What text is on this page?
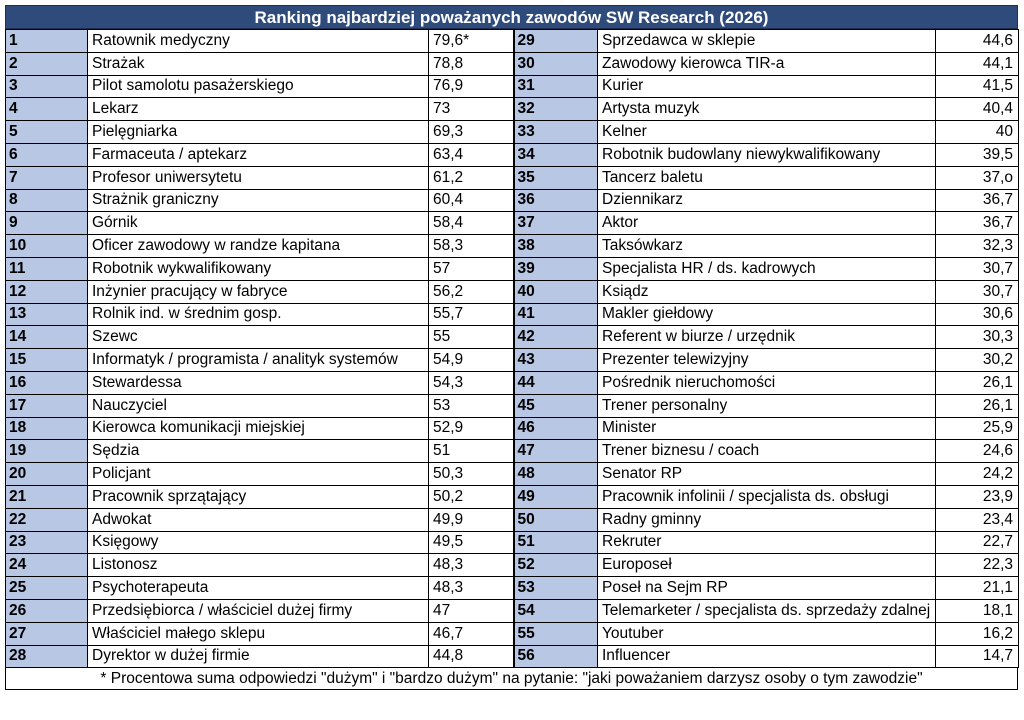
Ranking najbardziej poważanych zawodów SW Research (2026)
1	Ratownik medyczny	79,6*	29	Sprzedawca w sklepie	44,6
2	Strażak	78,8	30	Zawodowy kierowca TIR-a	44,1
3	Pilot samolotu pasażerskiego	76,9	31	Kurier	41,5
4	Lekarz	73	32	Artysta muzyk	40,4
5	Pielęgniarka	69,3	33	Kelner	40
6	Farmaceuta / aptekarz	63,4	34	Robotnik budowlany niewykwalifikowany	39,5
7	Profesor uniwersytetu	61,2	35	Tancerz baletu	37,o
8	Strażnik graniczny	60,4	36	Dziennikarz	36,7
9	Górnik	58,4	37	Aktor	36,7
10	Oficer zawodowy w randze kapitana	58,3	38	Taksówkarz	32,3
11	Robotnik wykwalifikowany	57	39	Specjalista HR / ds. kadrowych	30,7
12	Inżynier pracujący w fabryce	56,2	40	Ksiądz	30,7
13	Rolnik ind. w średnim gosp.	55,7	41	Makler giełdowy	30,6
14	Szewc	55	42	Referent w biurze / urzędnik	30,3
15	Informatyk / programista / analityk systemów	54,9	43	Prezenter telewizyjny	30,2
16	Stewardessa	54,3	44	Pośrednik nieruchomości	26,1
17	Nauczyciel	53	45	Trener personalny	26,1
18	Kierowca komunikacji miejskiej	52,9	46	Minister	25,9
19	Sędzia	51	47	Trener biznesu / coach	24,6
20	Policjant	50,3	48	Senator RP	24,2
21	Pracownik sprzątający	50,2	49	Pracownik infolinii / specjalista ds. obsługi	23,9
22	Adwokat	49,9	50	Radny gminny	23,4
23	Księgowy	49,5	51	Rekruter	22,7
24	Listonosz	48,3	52	Europoseł	22,3
25	Psychoterapeuta	48,3	53	Poseł na Sejm RP	21,1
26	Przedsiębiorca / właściciel dużej firmy	47	54	Telemarketer / specjalista ds. sprzedaży zdalnej	18,1
27	Właściciel małego sklepu	46,7	55	Youtuber	16,2
28	Dyrektor w dużej firmie	44,8	56	Influencer	14,7
* Procentowa suma odpowiedzi "dużym" i "bardzo dużym" na pytanie: "jaki poważaniem darzysz osoby o tym zawodzie"
